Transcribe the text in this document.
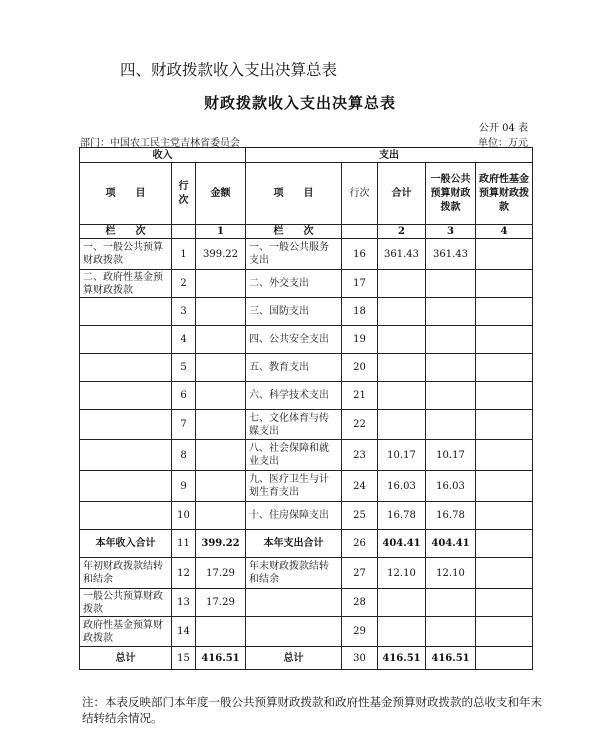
四、财政拨款收入支出决算总表
财政拨款收入支出决算总表
公开 04 表
部门：中国农工民主党吉林省委员会	单位：万元
收入			支出				
项　　目	行次	金额	项　　目	行次	合计	一般公共预算财政拨款	政府性基金预算财政拨款
栏　　次		1	栏　　次		2	3	4
一、一般公共预算财政拨款	1	399.22	一、一般公共服务支出	16	361.43	361.43	
二、政府性基金预算财政拨款	2		二、外交支出	17			
	3		三、国防支出	18			
	4		四、公共安全支出	19			
	5		五、教育支出	20			
	6		六、科学技术支出	21			
	7		七、文化体育与传媒支出	22			
	8		八、社会保障和就业支出	23	10.17	10.17	
	9		九、医疗卫生与计划生育支出	24	16.03	16.03	
	10		十、住房保障支出	25	16.78	16.78	
本年收入合计	11	399.22	本年支出合计	26	404.41	404.41	
年初财政拨款结转和结余	12	17.29	年末财政拨款结转和结余	27	12.10	12.10	
一般公共预算财政拨款	13	17.29		28			
政府性基金预算财政拨款	14			29			
总计	15	416.51	总计	30	416.51	416.51	
注：本表反映部门本年度一般公共预算财政拨款和政府性基金预算财政拨款的总收支和年末结转结余情况。
